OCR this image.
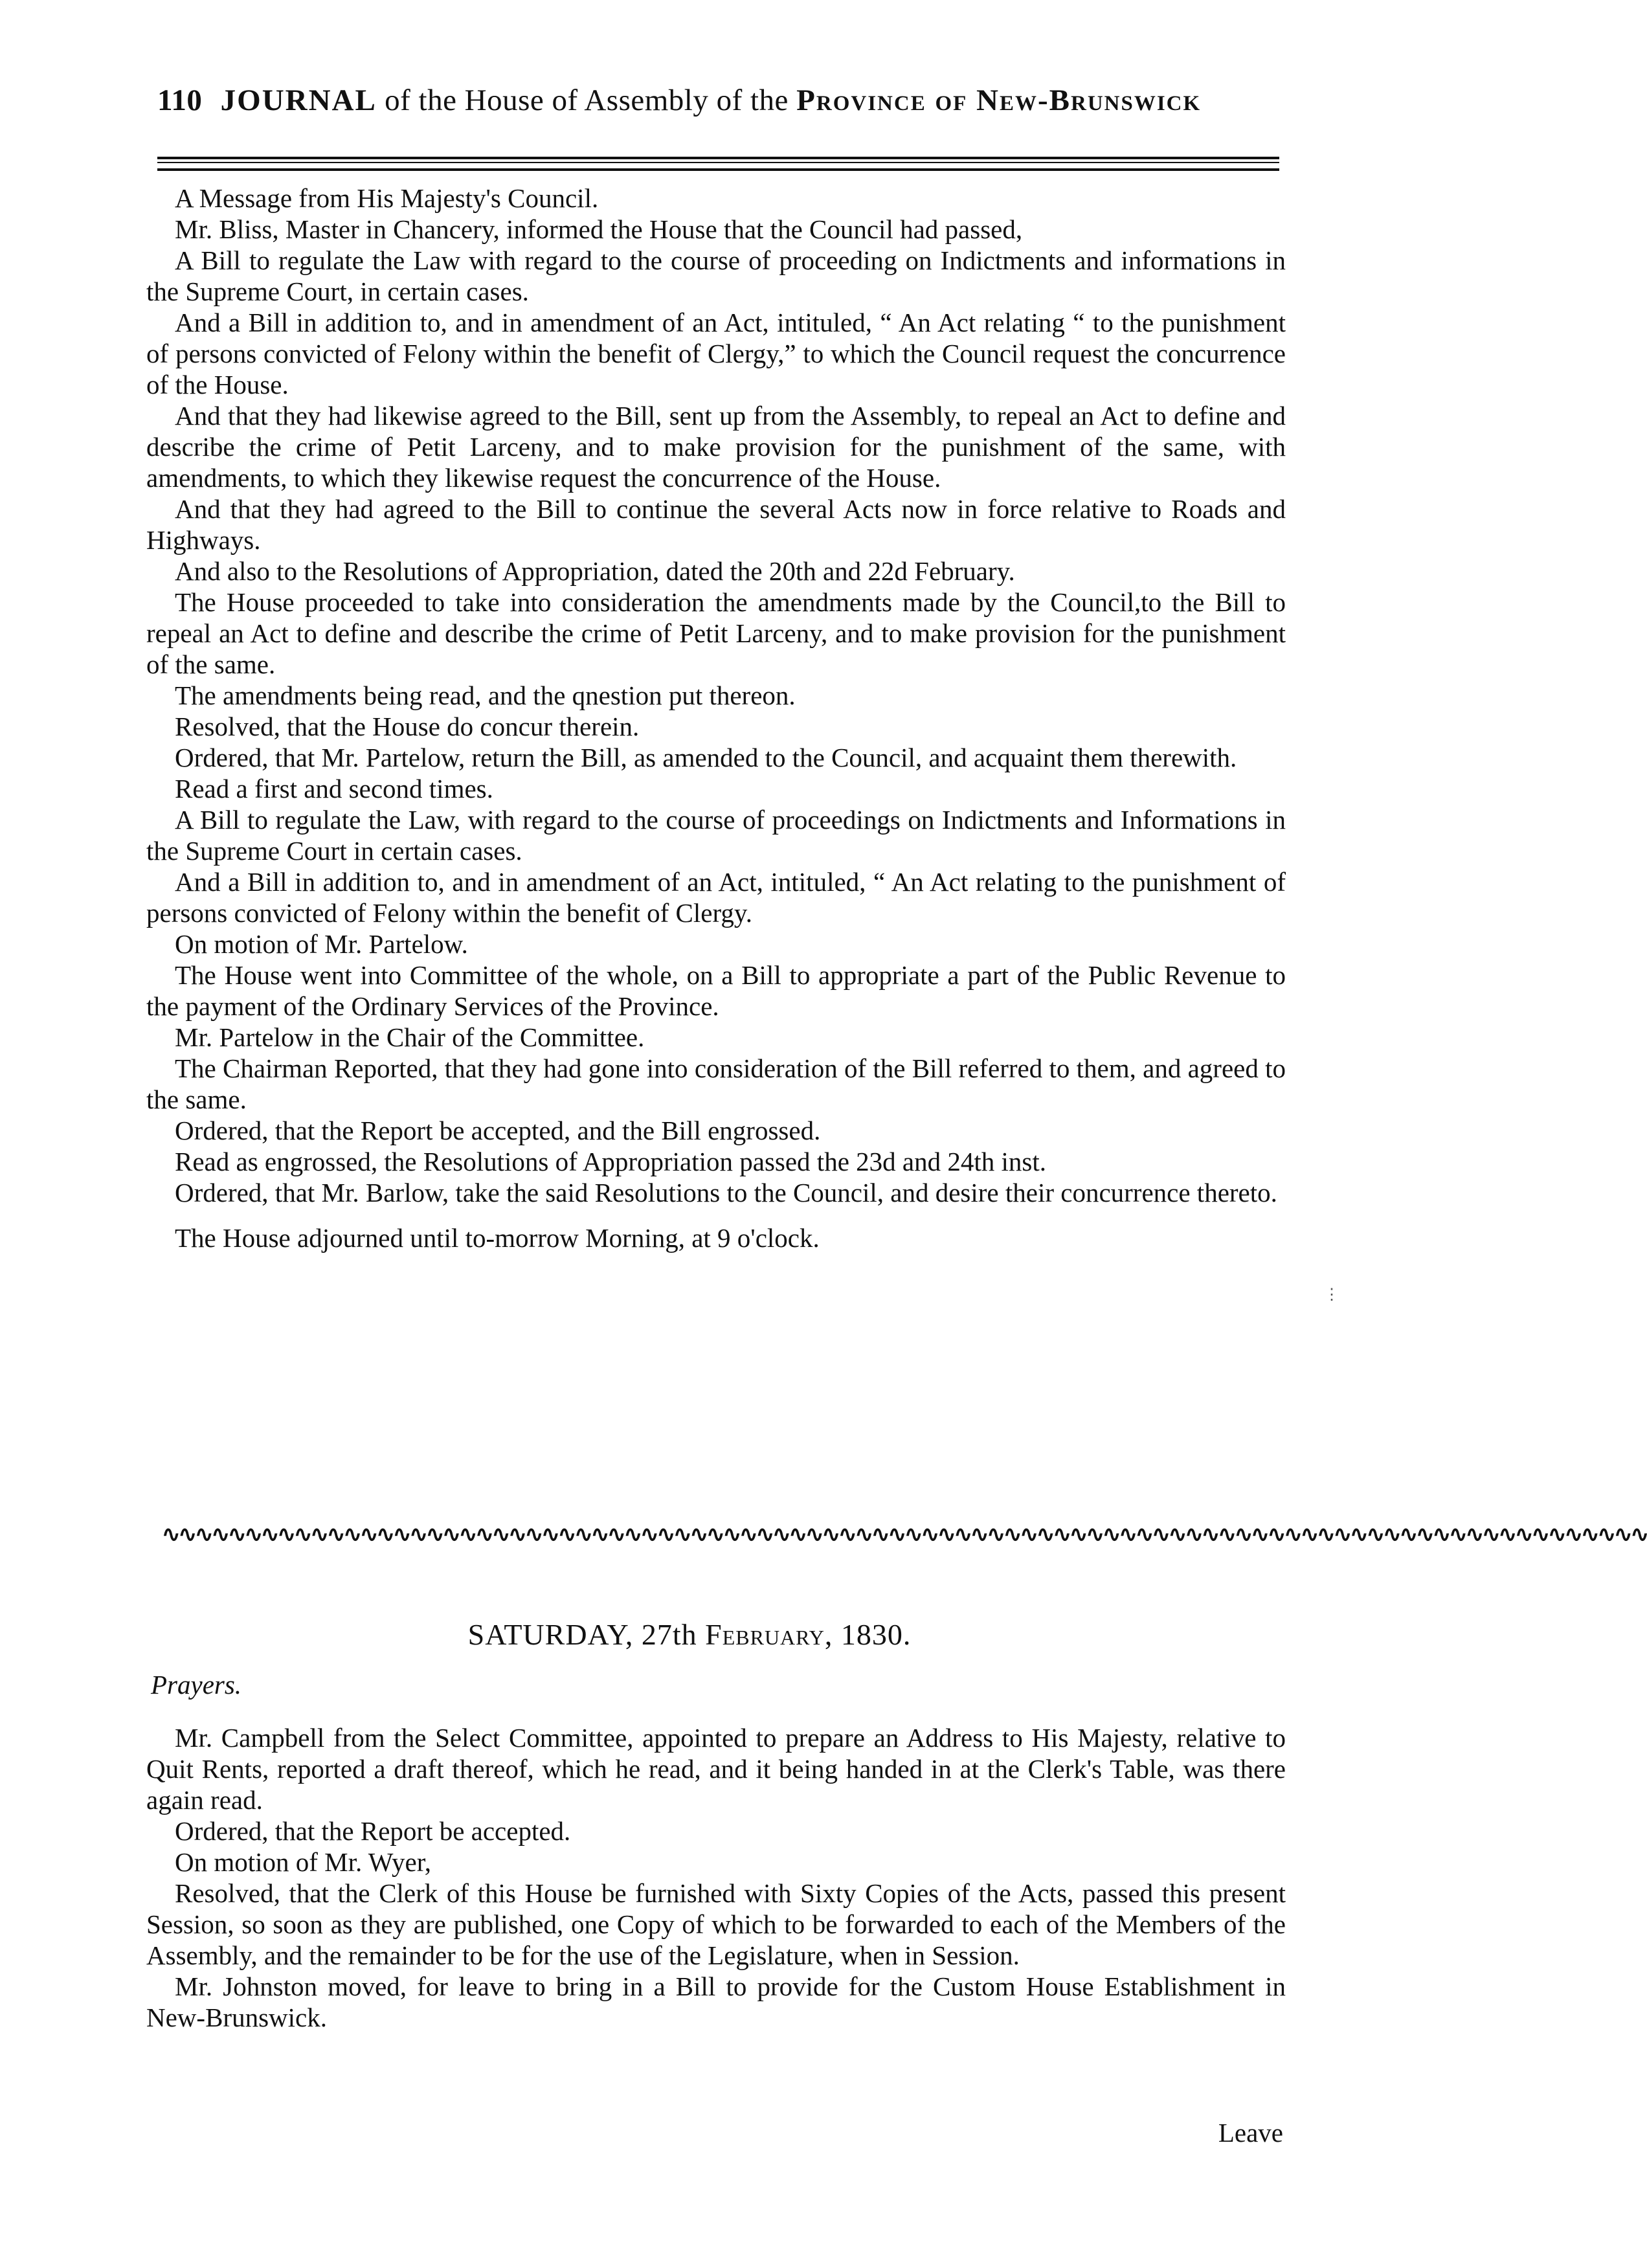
110 JOURNAL of the House of Assembly of the Province of New-Brunswick

A Message from His Majesty's Council.

Mr. Bliss, Master in Chancery, informed the House that the Council had passed,

A Bill to regulate the Law with regard to the course of proceeding on Indictments and informations in the Supreme Court, in certain cases.

And a Bill in addition to, and in amendment of an Act, intituled, “ An Act relating “ to the punishment of persons convicted of Felony within the benefit of Clergy,” to which the Council request the concurrence of the House.

And that they had likewise agreed to the Bill, sent up from the Assembly, to repeal an Act to define and describe the crime of Petit Larceny, and to make provision for the punishment of the same, with amendments, to which they likewise request the concurrence of the House.

And that they had agreed to the Bill to continue the several Acts now in force relative to Roads and Highways.

And also to the Resolutions of Appropriation, dated the 20th and 22d February.

The House proceeded to take into consideration the amendments made by the Council,to the Bill to repeal an Act to define and describe the crime of Petit Larceny, and to make provision for the punishment of the same.

The amendments being read, and the qnestion put thereon.

Resolved, that the House do concur therein.

Ordered, that Mr. Partelow, return the Bill, as amended to the Council, and acquaint them therewith.

Read a first and second times.

A Bill to regulate the Law, with regard to the course of proceedings on Indictments and Informations in the Supreme Court in certain cases.

And a Bill in addition to, and in amendment of an Act, intituled, “ An Act relating to the punishment of persons convicted of Felony within the benefit of Clergy.

On motion of Mr. Partelow.

The House went into Committee of the whole, on a Bill to appropriate a part of the Public Revenue to the payment of the Ordinary Services of the Province.

Mr. Partelow in the Chair of the Committee.

The Chairman Reported, that they had gone into consideration of the Bill referred to them, and agreed to the same.

Ordered, that the Report be accepted, and the Bill engrossed.

Read as engrossed, the Resolutions of Appropriation passed the 23d and 24th inst.

Ordered, that Mr. Barlow, take the said Resolutions to the Council, and desire their concurrence thereto.

The House adjourned until to-morrow Morning, at 9 o'clock.

⋮
∿∿∿∿∿∿∿∿∿∿∿∿∿∿∿∿∿∿∿∿∿∿∿∿∿∿∿∿∿∿∿∿∿∿∿∿∿∿∿∿∿∿∿∿∿∿∿∿∿∿∿∿∿∿∿∿∿∿∿∿∿∿∿∿∿∿∿∿∿∿∿∿∿∿∿∿∿∿∿∿∿∿∿∿∿∿∿∿∿∿
SATURDAY, 27th February, 1830.
Prayers.

Mr. Campbell from the Select Committee, appointed to prepare an Address to His Majesty, relative to Quit Rents, reported a draft thereof, which he read, and it being handed in at the Clerk's Table, was there again read.

Ordered, that the Report be accepted.

On motion of Mr. Wyer,

Resolved, that the Clerk of this House be furnished with Sixty Copies of the Acts, passed this present Session, so soon as they are published, one Copy of which to be forwarded to each of the Members of the Assembly, and the remainder to be for the use of the Legislature, when in Session.

Mr. Johnston moved, for leave to bring in a Bill to provide for the Custom House Establishment in New-Brunswick.

Leave
